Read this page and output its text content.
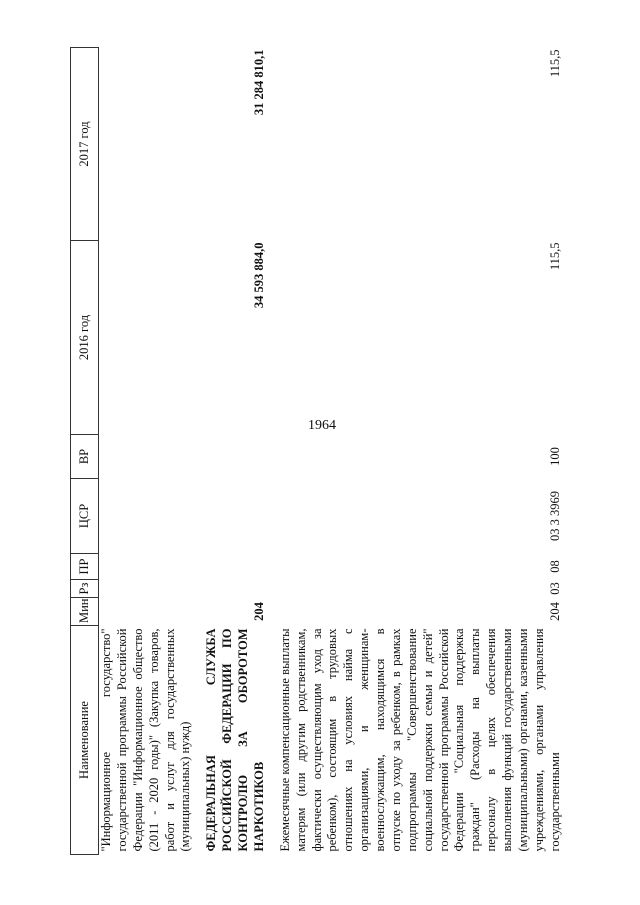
1964
Наименование	Мин	Рз	ПР	ЦСР	ВР	2016 год	2017 год
"Информационное государство" государственной программы Российской Федерации "Информационное общество (2011 - 2020 годы)" (Закупка товаров, работ и услуг для государственных (муниципальных) нужд)							

ФЕДЕРАЛЬНАЯ СЛУЖБА РОССИЙСКОЙ ФЕДЕРАЦИИ ПО КОНТРОЛЮ ЗА ОБОРОТОМ НАРКОТИКОВ	204					34 593 884,0	31 284 810,1

Ежемесячные компенсационные выплаты матерям (или другим родственникам, фактически осуществляющим уход за ребенком), состоящим в трудовых отношениях на условиях найма с организациями, и женщинам-военнослужащим, находящимся в отпуске по уходу за ребенком, в рамках подпрограммы "Совершенствование социальной поддержки семьи и детей" государственной программы Российской Федерации "Социальная поддержка граждан" (Расходы на выплаты персоналу в целях обеспечения выполнения функций государственными (муниципальными) органами, казенными учреждениями, органами управления государственными	204	03	08	03 3 3969	100	115,5	115,5
